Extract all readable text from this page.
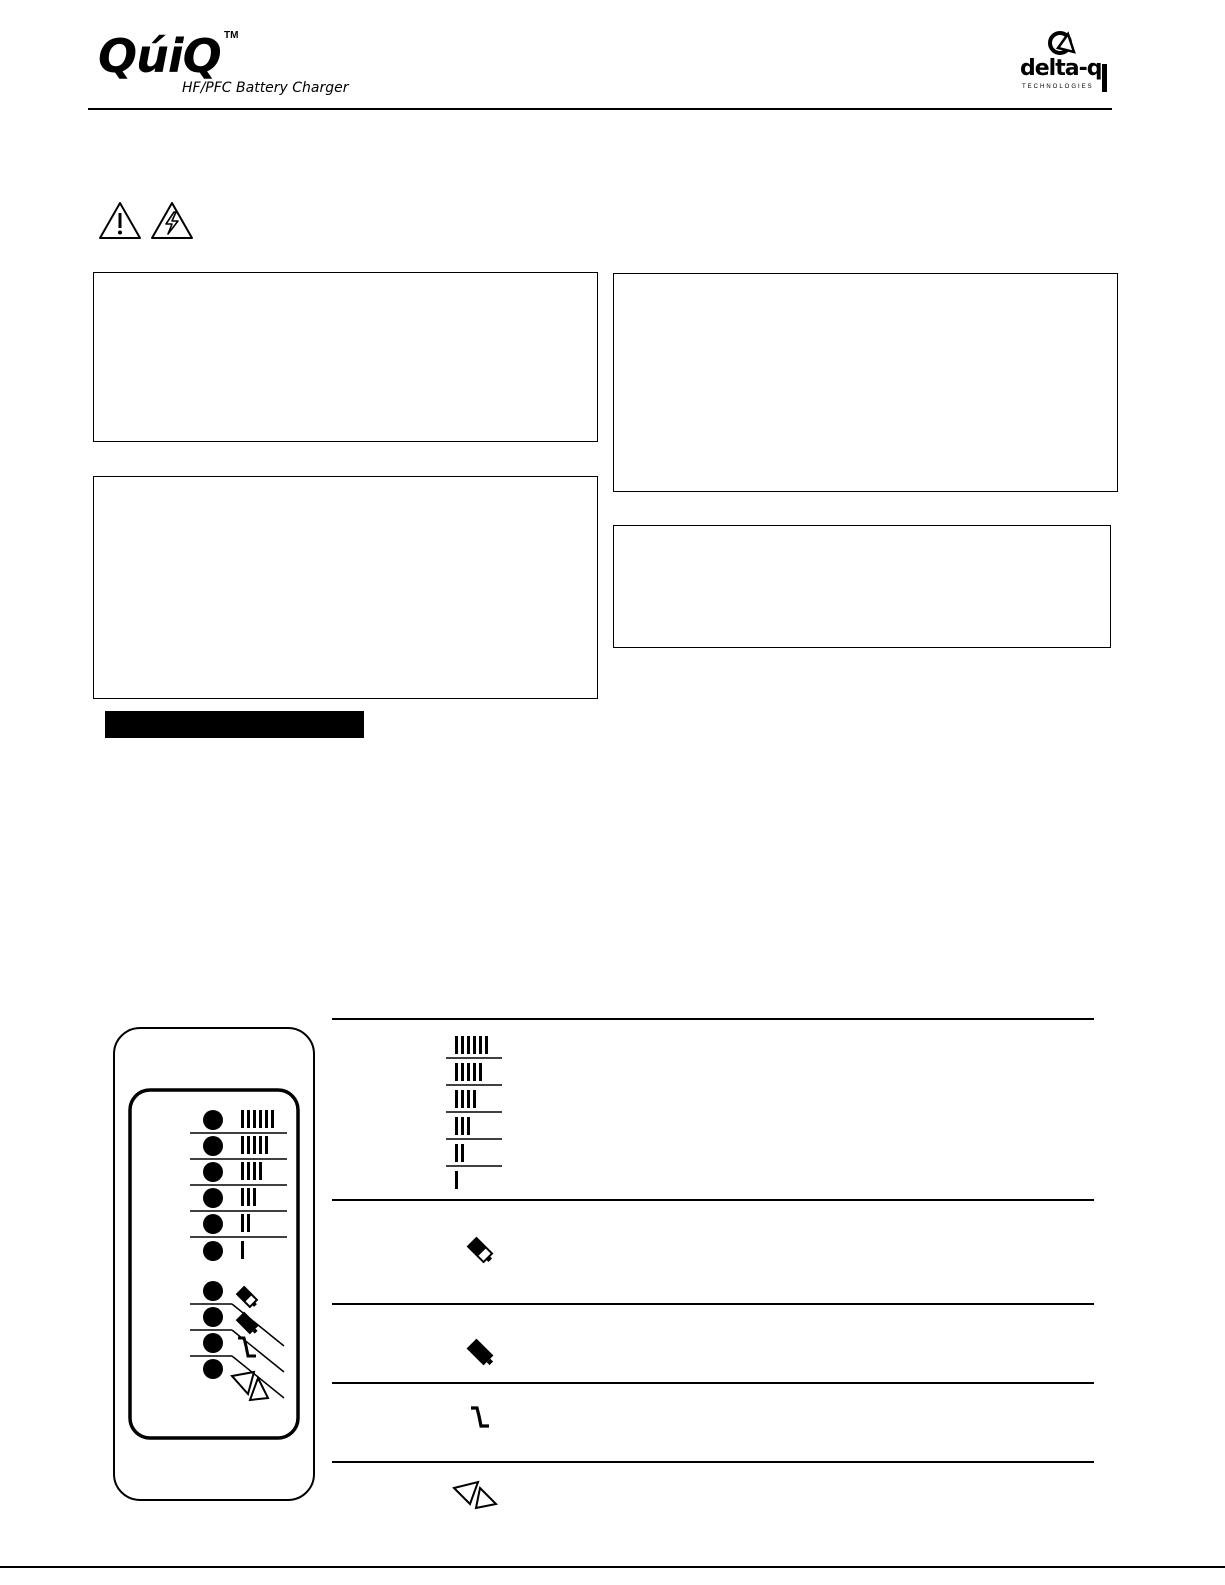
QúiQ TM
HF/PFC Battery Charger
delta-q
TECHNOLOGIES
